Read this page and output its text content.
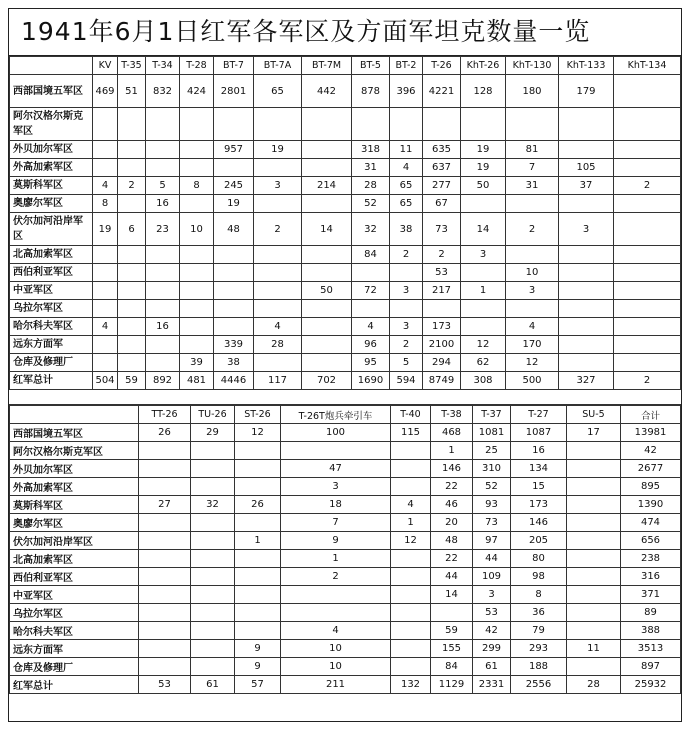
1941年6月1日红军各军区及方面军坦克数量一览
	KV	T-35	T-34	T-28	BT-7	BT-7A	BT-7M	BT-5	BT-2	T-26	KhT-26	KhT-130	KhT-133	KhT-134
西部国境五军区	469	51	832	424	2801	65	442	878	396	4221	128	180	179	
阿尔汉格尔斯克军区														
外贝加尔军区					957	19		318	11	635	19	81		
外高加索军区								31	4	637	19	7	105	
莫斯科军区	4	2	5	8	245	3	214	28	65	277	50	31	37	2
奥廖尔军区	8		16		19			52	65	67				
伏尔加河沿岸军区	19	6	23	10	48	2	14	32	38	73	14	2	3	
北高加索军区								84	2	2	3			
西伯利亚军区										53		10		
中亚军区							50	72	3	217	1	3		
乌拉尔军区														
哈尔科夫军区	4		16			4		4	3	173		4		
远东方面军					339	28		96	2	2100	12	170		
仓库及修理厂				39	38			95	5	294	62	12		
红军总计	504	59	892	481	4446	117	702	1690	594	8749	308	500	327	2
	TT-26	TU-26	ST-26	T-26T炮兵牵引车	T-40	T-38	T-37	T-27	SU-5	合计
西部国境五军区	26	29	12	100	115	468	1081	1087	17	13981
阿尔汉格尔斯克军区						1	25	16		42
外贝加尔军区				47		146	310	134		2677
外高加索军区				3		22	52	15		895
莫斯科军区	27	32	26	18	4	46	93	173		1390
奥廖尔军区				7	1	20	73	146		474
伏尔加河沿岸军区			1	9	12	48	97	205		656
北高加索军区				1		22	44	80		238
西伯利亚军区				2		44	109	98		316
中亚军区						14	3	8		371
乌拉尔军区							53	36		89
哈尔科夫军区				4		59	42	79		388
远东方面军			9	10		155	299	293	11	3513
仓库及修理厂			9	10		84	61	188		897
红军总计	53	61	57	211	132	1129	2331	2556	28	25932
